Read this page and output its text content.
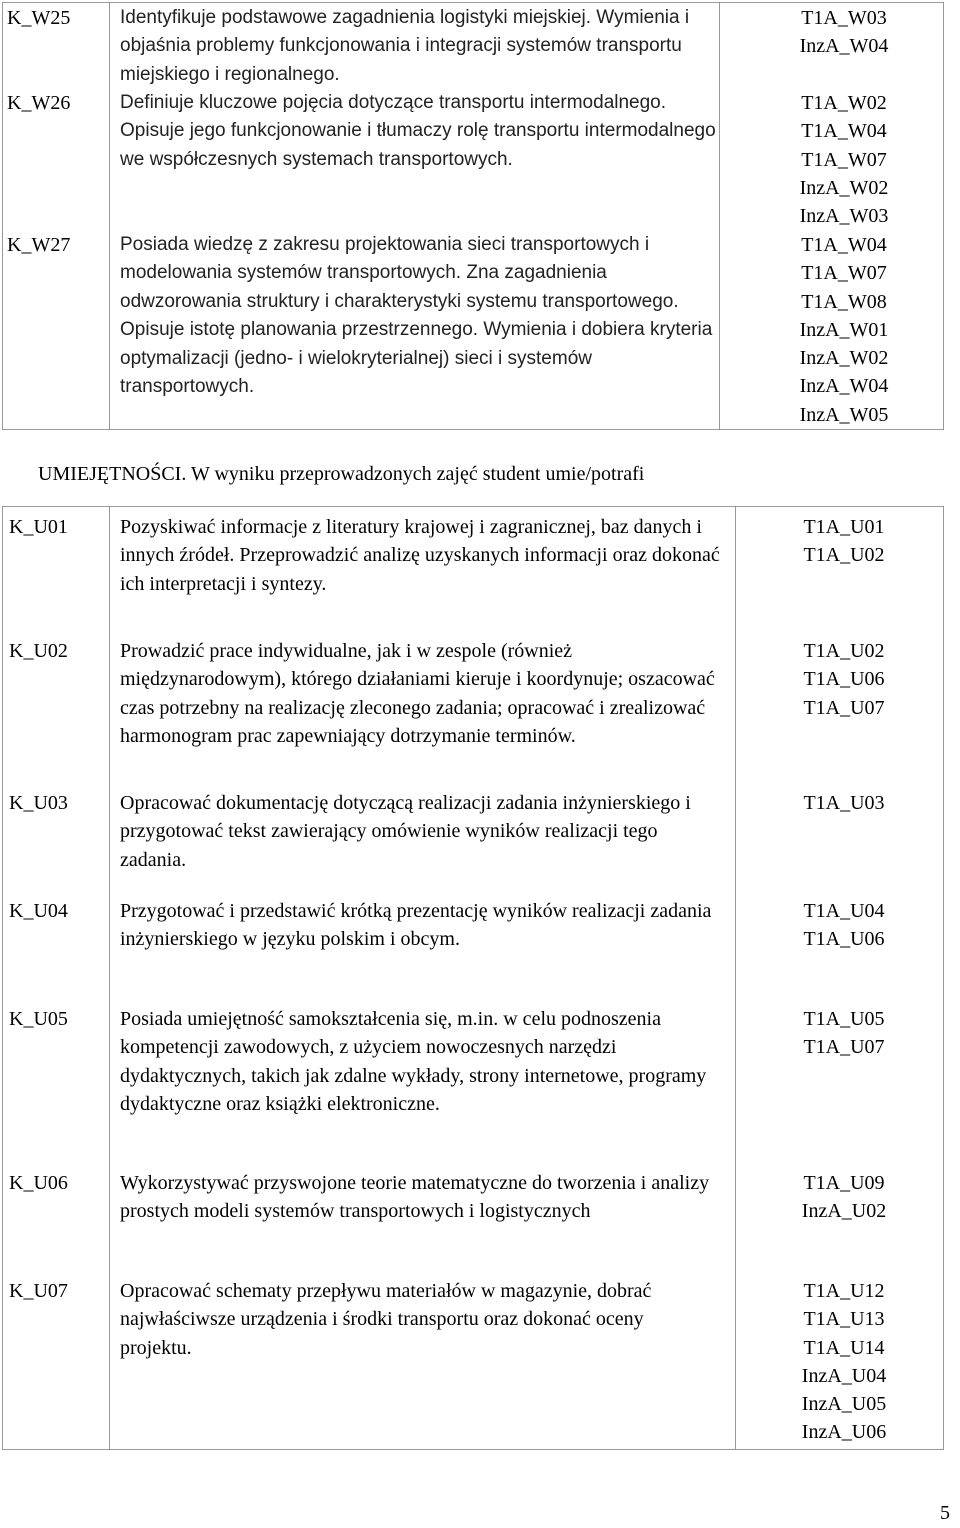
K_W25	Identyfikuje podstawowe zagadnienia logistyki miejskiej. Wymienia i objaśnia problemy funkcjonowania i integracji systemów transportu miejskiego i regionalnego.
T1A_W03
InzA_W04
K_W26	Definiuje kluczowe pojęcia dotyczące transportu intermodalnego. Opisuje jego funkcjonowanie i tłumaczy rolę transportu intermodalnego we współczesnych systemach transportowych.
T1A_W02
T1A_W04
T1A_W07
InzA_W02
InzA_W03
K_W27	Posiada wiedzę z zakresu projektowania sieci transportowych i modelowania systemów transportowych. Zna zagadnienia odwzorowania struktury i charakterystyki systemu transportowego. Opisuje istotę planowania przestrzennego. Wymienia i dobiera kryteria optymalizacji (jedno- i wielokryterialnej) sieci i systemów transportowych.
T1A_W04
T1A_W07
T1A_W08
InzA_W01
InzA_W02
InzA_W04
InzA_W05
UMIEJĘTNOŚCI. W wyniku przeprowadzonych zajęć student umie/potrafi
K_U01	Pozyskiwać informacje z literatury krajowej i zagranicznej, baz danych i innych źródeł. Przeprowadzić analizę uzyskanych informacji oraz dokonać ich interpretacji i syntezy.
T1A_U01
T1A_U02
K_U02	Prowadzić prace indywidualne, jak i w zespole (również międzynarodowym), którego działaniami kieruje i koordynuje; oszacować czas potrzebny na realizację zleconego zadania; opracować i zrealizować harmonogram prac zapewniający dotrzymanie terminów.
T1A_U02
T1A_U06
T1A_U07
K_U03	Opracować dokumentację dotyczącą realizacji zadania inżynierskiego i przygotować tekst zawierający omówienie wyników realizacji tego zadania.
T1A_U03
K_U04	Przygotować i przedstawić krótką prezentację wyników realizacji zadania inżynierskiego w języku polskim i obcym.
T1A_U04
T1A_U06
K_U05	Posiada umiejętność samokształcenia się, m.in. w celu podnoszenia kompetencji zawodowych, z użyciem nowoczesnych narzędzi dydaktycznych, takich jak zdalne wykłady, strony internetowe, programy dydaktyczne oraz książki elektroniczne.
T1A_U05
T1A_U07
K_U06	Wykorzystywać przyswojone teorie matematyczne do tworzenia i analizy prostych modeli systemów transportowych i logistycznych
T1A_U09
InzA_U02
K_U07	Opracować schematy przepływu materiałów w magazynie, dobrać najwłaściwsze urządzenia i środki transportu oraz dokonać oceny projektu.
T1A_U12
T1A_U13
T1A_U14
InzA_U04
InzA_U05
InzA_U06
5
